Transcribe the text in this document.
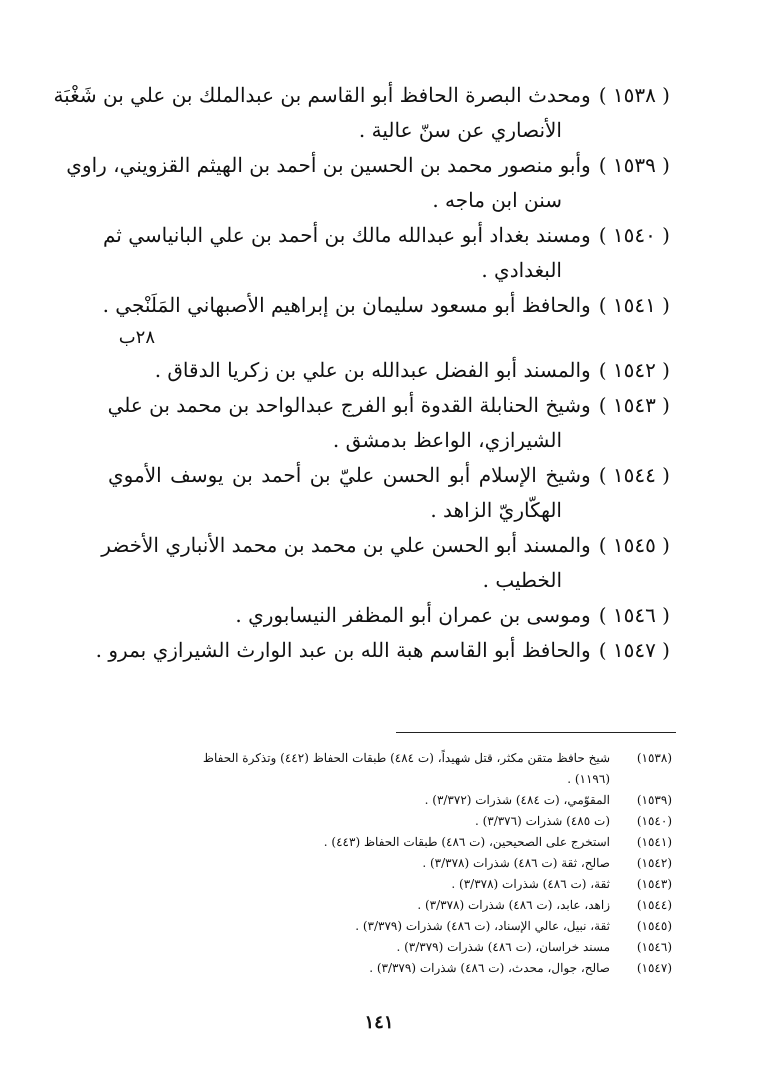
( ١٥٣٨ )
ومحدث البصرة الحافظ أبو القاسم بن عبدالملك بن علي بن شَغْبَة
الأنصاري عن سنّ عالية .
( ١٥٣٩ )
وأبو منصور محمد بن الحسين بن أحمد بن الهيثم القزويني، راوي
سنن ابن ماجه .
( ١٥٤٠ )
ومسند بغداد أبو عبدالله مالك بن أحمد بن علي البانياسي ثم
البغدادي .
( ١٥٤١ )
والحافظ أبو مسعود سليمان بن إبراهيم الأصبهاني المَلَنْجي .
٢٨ب
( ١٥٤٢ )
والمسند أبو الفضل عبدالله بن علي بن زكريا الدقاق .
( ١٥٤٣ )
وشيخ الحنابلة القدوة أبو الفرج عبدالواحد بن محمد بن علي
الشيرازي، الواعظ بدمشق .
( ١٥٤٤ )
وشيخ الإسلام أبو الحسن عليّ بن أحمد بن يوسف الأموي
الهكّاريّ الزاهد .
( ١٥٤٥ )
والمسند أبو الحسن علي بن محمد بن محمد الأنباري الأخضر
الخطيب .
( ١٥٤٦ )
وموسى بن عمران أبو المظفر النيسابوري .
( ١٥٤٧ )
والحافظ أبو القاسم هبة الله بن عبد الوارث الشيرازي بمرو .
(١٥٣٨)
شيخ حافظ متقن مكثر، قتل شهيداً، (ت ٤٨٤) طبقات الحفاظ (٤٤٢) وتذكرة الحفاظ
(١١٩٦) .
(١٥٣٩)
المقوّمي، (ت ٤٨٤) شذرات (٣/٣٧٢) .
(١٥٤٠)
(ت ٤٨٥) شذرات (٣/٣٧٦) .
(١٥٤١)
استخرج على الصحيحين، (ت ٤٨٦) طبقات الحفاظ (٤٤٣) .
(١٥٤٢)
صالح، ثقة (ت ٤٨٦) شذرات (٣/٣٧٨) .
(١٥٤٣)
ثقة، (ت ٤٨٦) شذرات (٣/٣٧٨) .
(١٥٤٤)
زاهد، عابد، (ت ٤٨٦) شذرات (٣/٣٧٨) .
(١٥٤٥)
ثقة، نبيل، عالي الإسناد، (ت ٤٨٦) شذرات (٣/٣٧٩) .
(١٥٤٦)
مسند خراسان، (ت ٤٨٦) شذرات (٣/٣٧٩) .
(١٥٤٧)
صالح، جوال، محدث، (ت ٤٨٦) شذرات (٣/٣٧٩) .
١٤١
